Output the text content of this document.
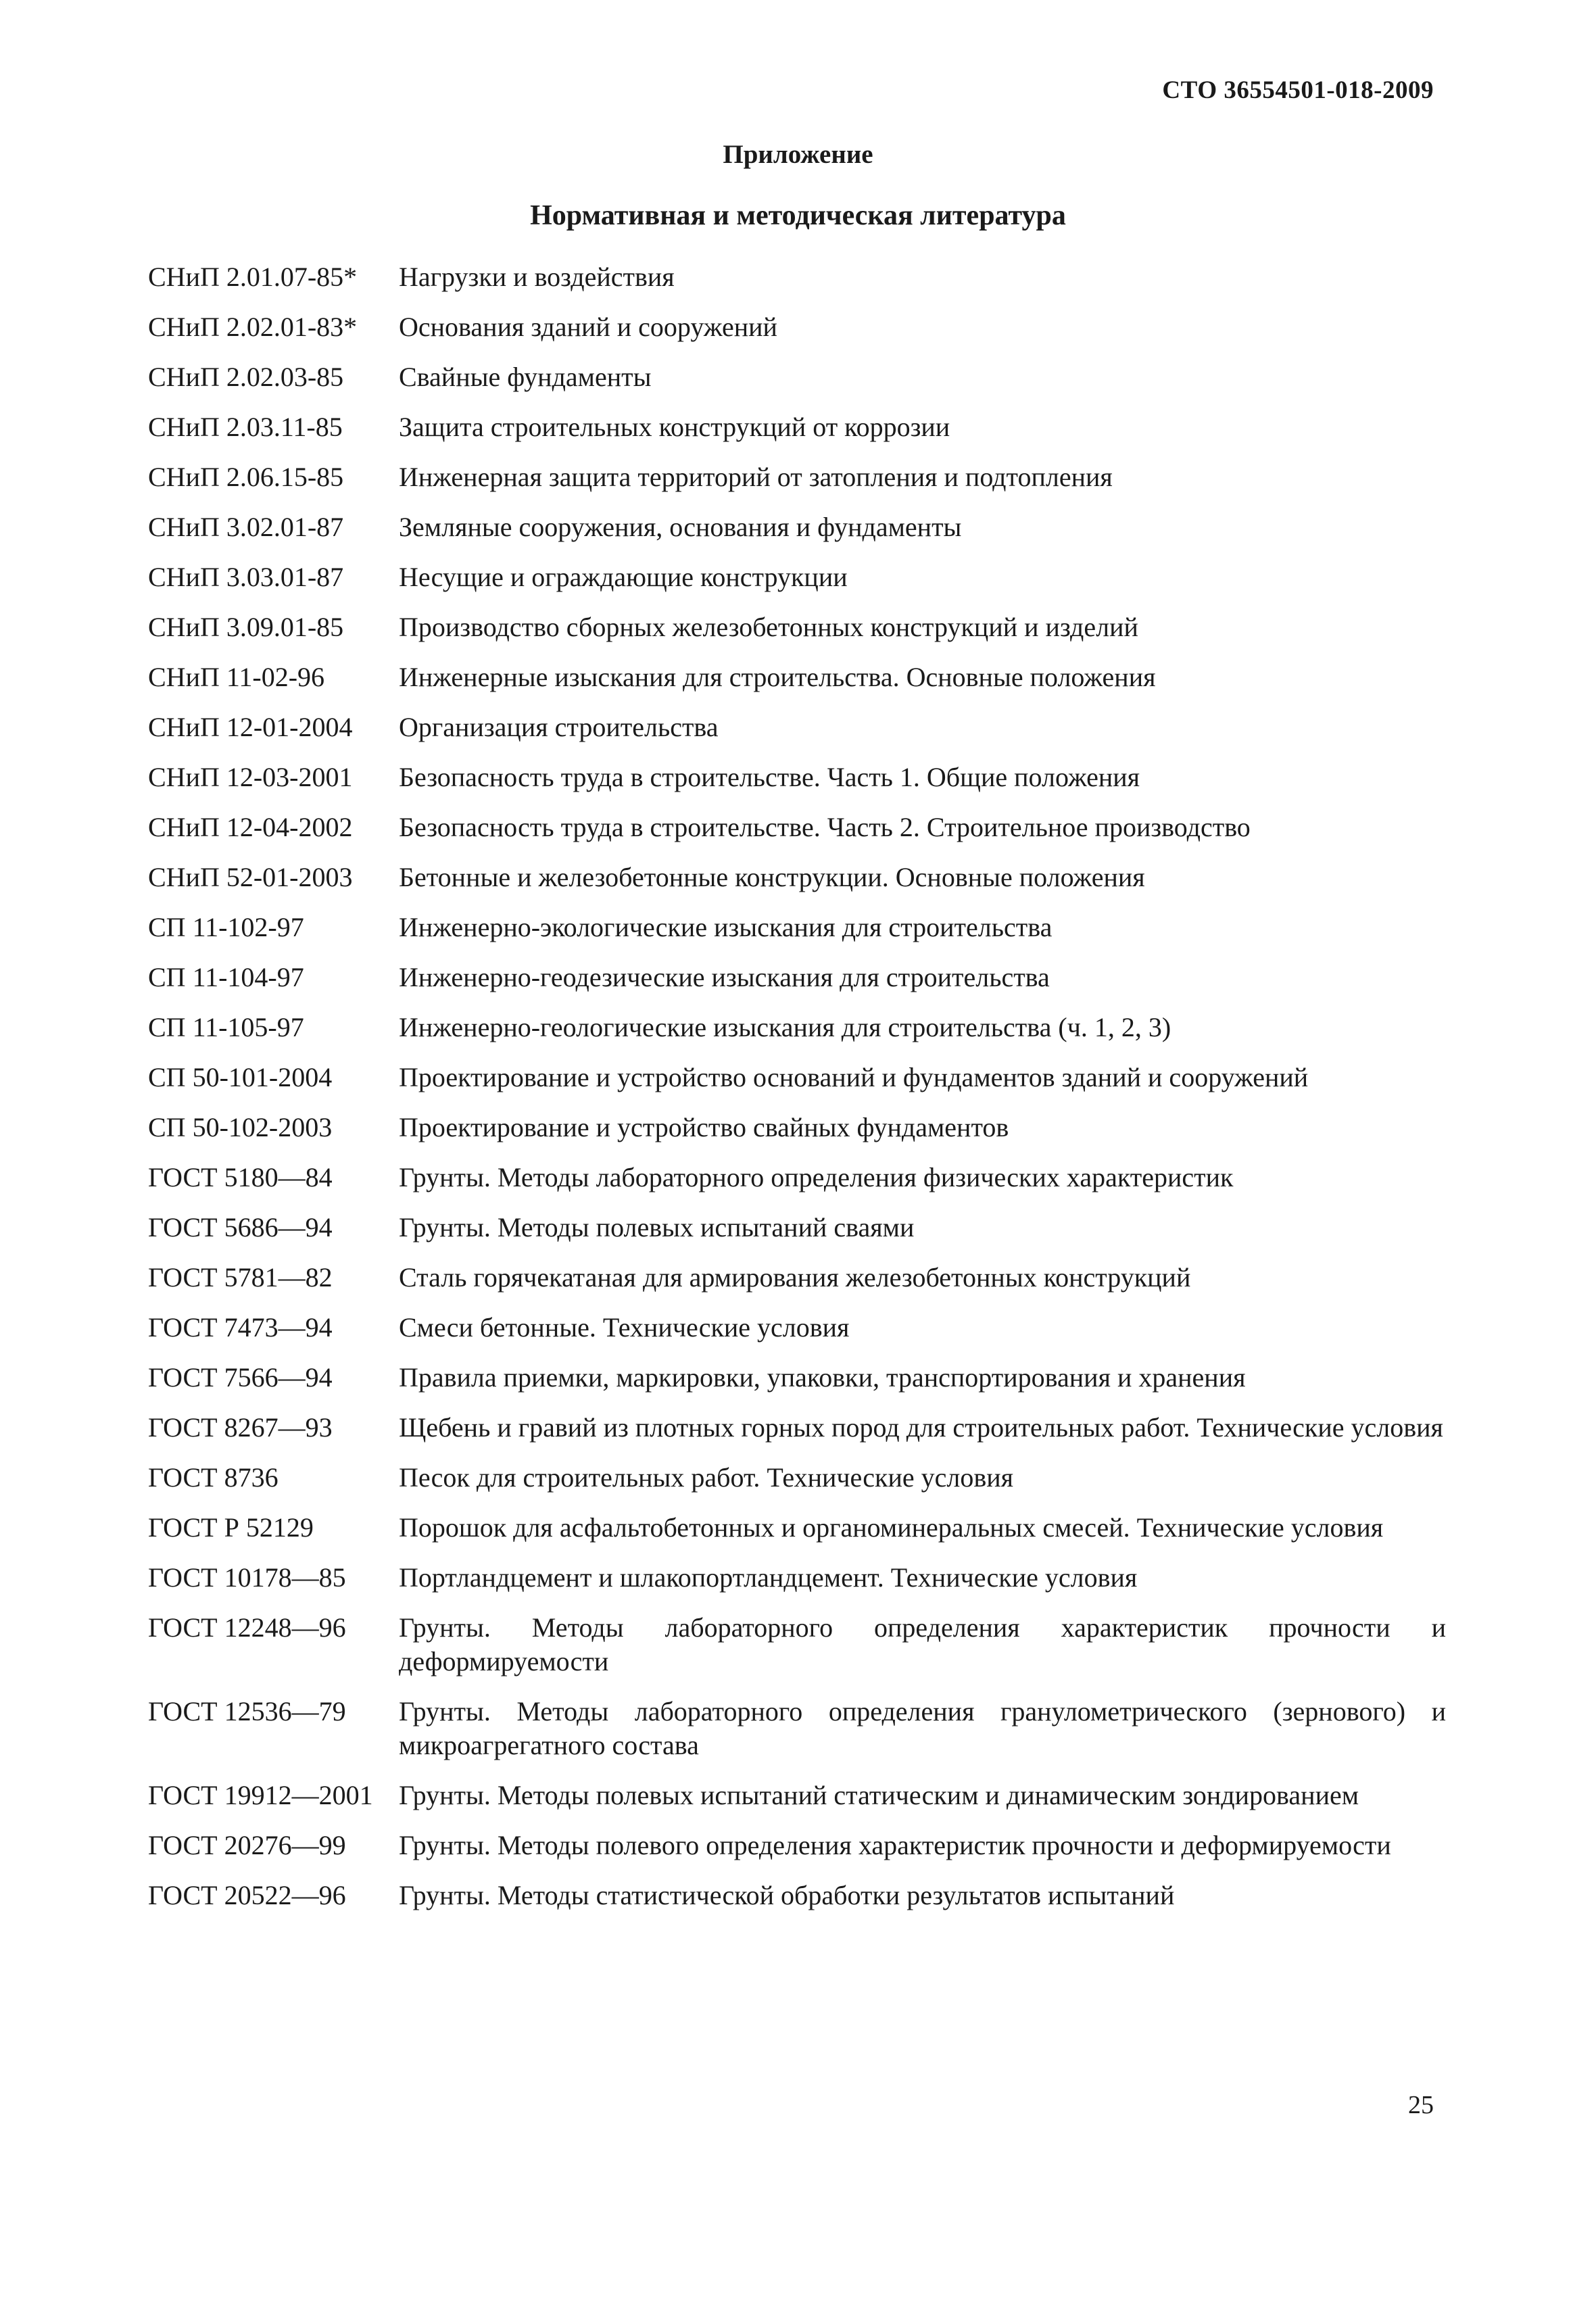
СТО 36554501-018-2009
Приложение
Нормативная и методическая литература
СНиП 2.01.07-85*	Нагрузки и воздействия
СНиП 2.02.01-83*	Основания зданий и сооружений
СНиП 2.02.03-85	Свайные фундаменты
СНиП 2.03.11-85	Защита строительных конструкций от коррозии
СНиП 2.06.15-85	Инженерная защита территорий от затопления и подтопления
СНиП 3.02.01-87	Земляные сооружения, основания и фундаменты
СНиП 3.03.01-87	Несущие и ограждающие конструкции
СНиП 3.09.01-85	Производство сборных железобетонных конструкций и изделий
СНиП 11-02-96	Инженерные изыскания для строительства. Основные положения
СНиП 12-01-2004	Организация строительства
СНиП 12-03-2001	Безопасность труда в строительстве. Часть 1. Общие положения
СНиП 12-04-2002	Безопасность труда в строительстве. Часть 2. Строительное производство
СНиП 52-01-2003	Бетонные и железобетонные конструкции. Основные положения
СП 11-102-97	Инженерно-экологические изыскания для строительства
СП 11-104-97	Инженерно-геодезические изыскания для строительства
СП 11-105-97	Инженерно-геологические изыскания для строительства (ч. 1, 2, 3)
СП 50-101-2004	Проектирование и устройство оснований и фундаментов зданий и сооружений
СП 50-102-2003	Проектирование и устройство свайных фундаментов
ГОСТ 5180—84	Грунты. Методы лабораторного определения физических характеристик
ГОСТ 5686—94	Грунты. Методы полевых испытаний сваями
ГОСТ 5781—82	Сталь горячекатаная для армирования железобетонных конструкций
ГОСТ 7473—94	Смеси бетонные. Технические условия
ГОСТ 7566—94	Правила приемки, маркировки, упаковки, транспортирования и хранения
ГОСТ 8267—93	Щебень и гравий из плотных горных пород для строительных работ. Технические условия
ГОСТ 8736	Песок для строительных работ. Технические условия
ГОСТ Р 52129	Порошок для асфальтобетонных и органоминеральных смесей. Технические условия
ГОСТ 10178—85	Портландцемент и шлакопортландцемент. Технические условия
ГОСТ 12248—96	Грунты. Методы лабораторного определения характеристик прочности и деформируемости
ГОСТ 12536—79	Грунты. Методы лабораторного определения гранулометрического (зернового) и микроагрегатного состава
ГОСТ 19912—2001 Грунты. Методы полевых испытаний статическим и динамическим зондированием
ГОСТ 20276—99	Грунты. Методы полевого определения характеристик прочности и деформируемости
ГОСТ 20522—96	Грунты. Методы статистической обработки результатов испытаний
25
